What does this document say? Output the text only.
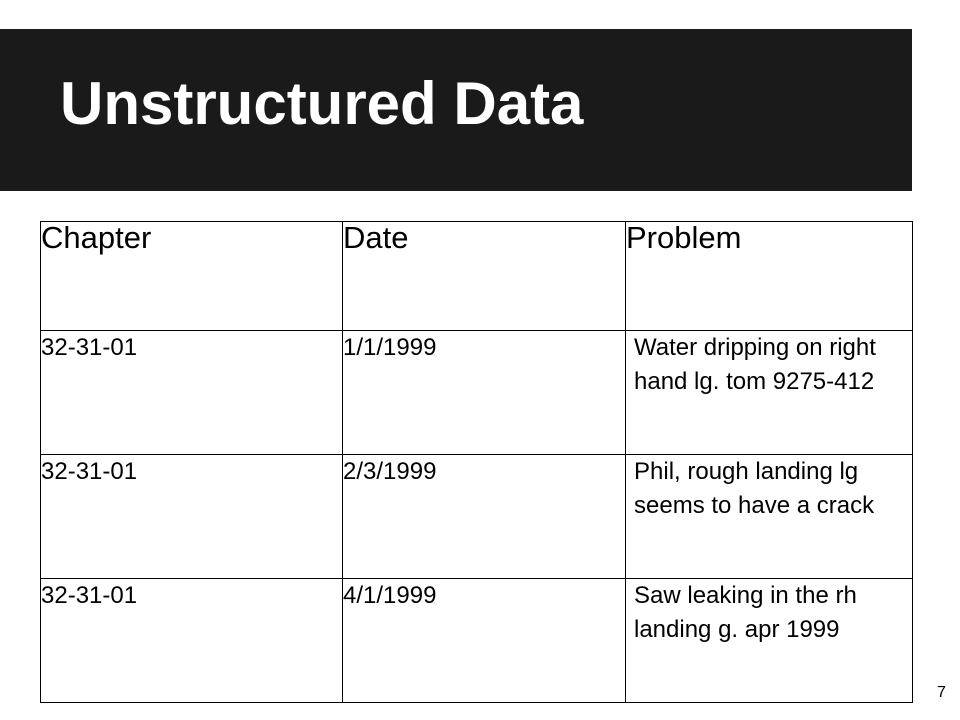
Unstructured Data
Chapter	Date	Problem
32-31-01	1/1/1999	Water dripping on right hand lg. tom 9275-412
32-31-01	2/3/1999	Phil, rough landing lg seems to have a crack
32-31-01	4/1/1999	Saw leaking in the rh landing g. apr 1999
7
